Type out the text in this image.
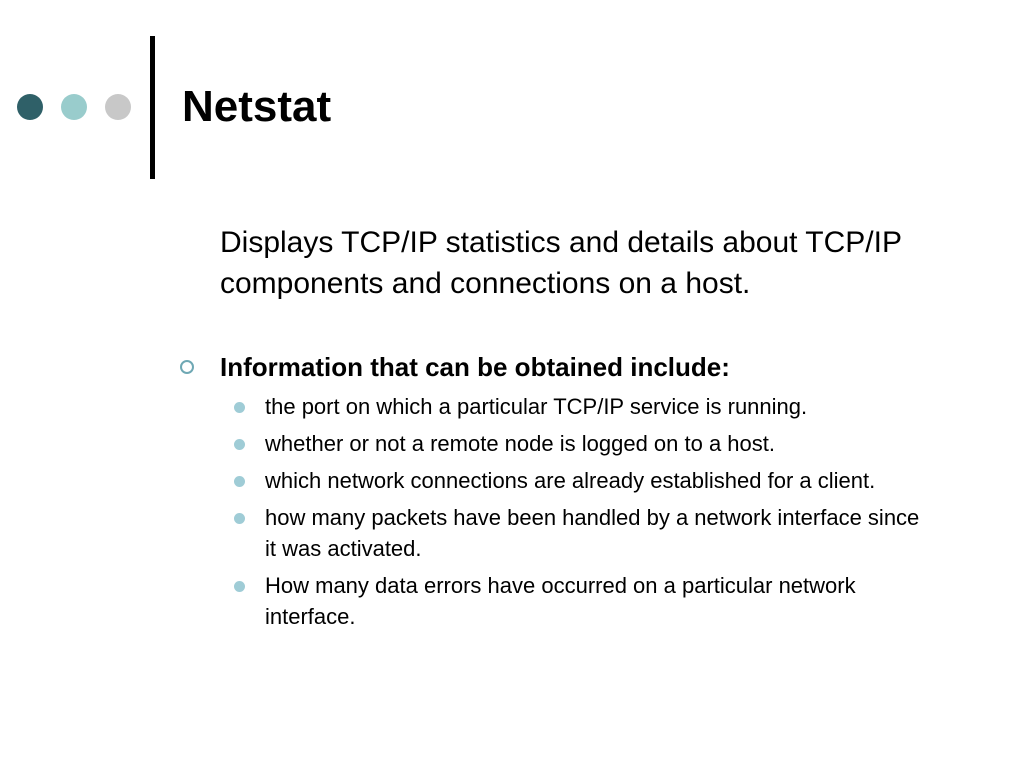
Netstat

Displays TCP/IP statistics and details about TCP/IP components and connections on a host.

Information that can be obtained include:
the port on which a particular TCP/IP service is running.
whether or not a remote node is logged on to a host.
which network connections are already established for a client.
how many packets have been handled by a network interface since it was activated.
How many data errors have occurred on a particular network interface.
